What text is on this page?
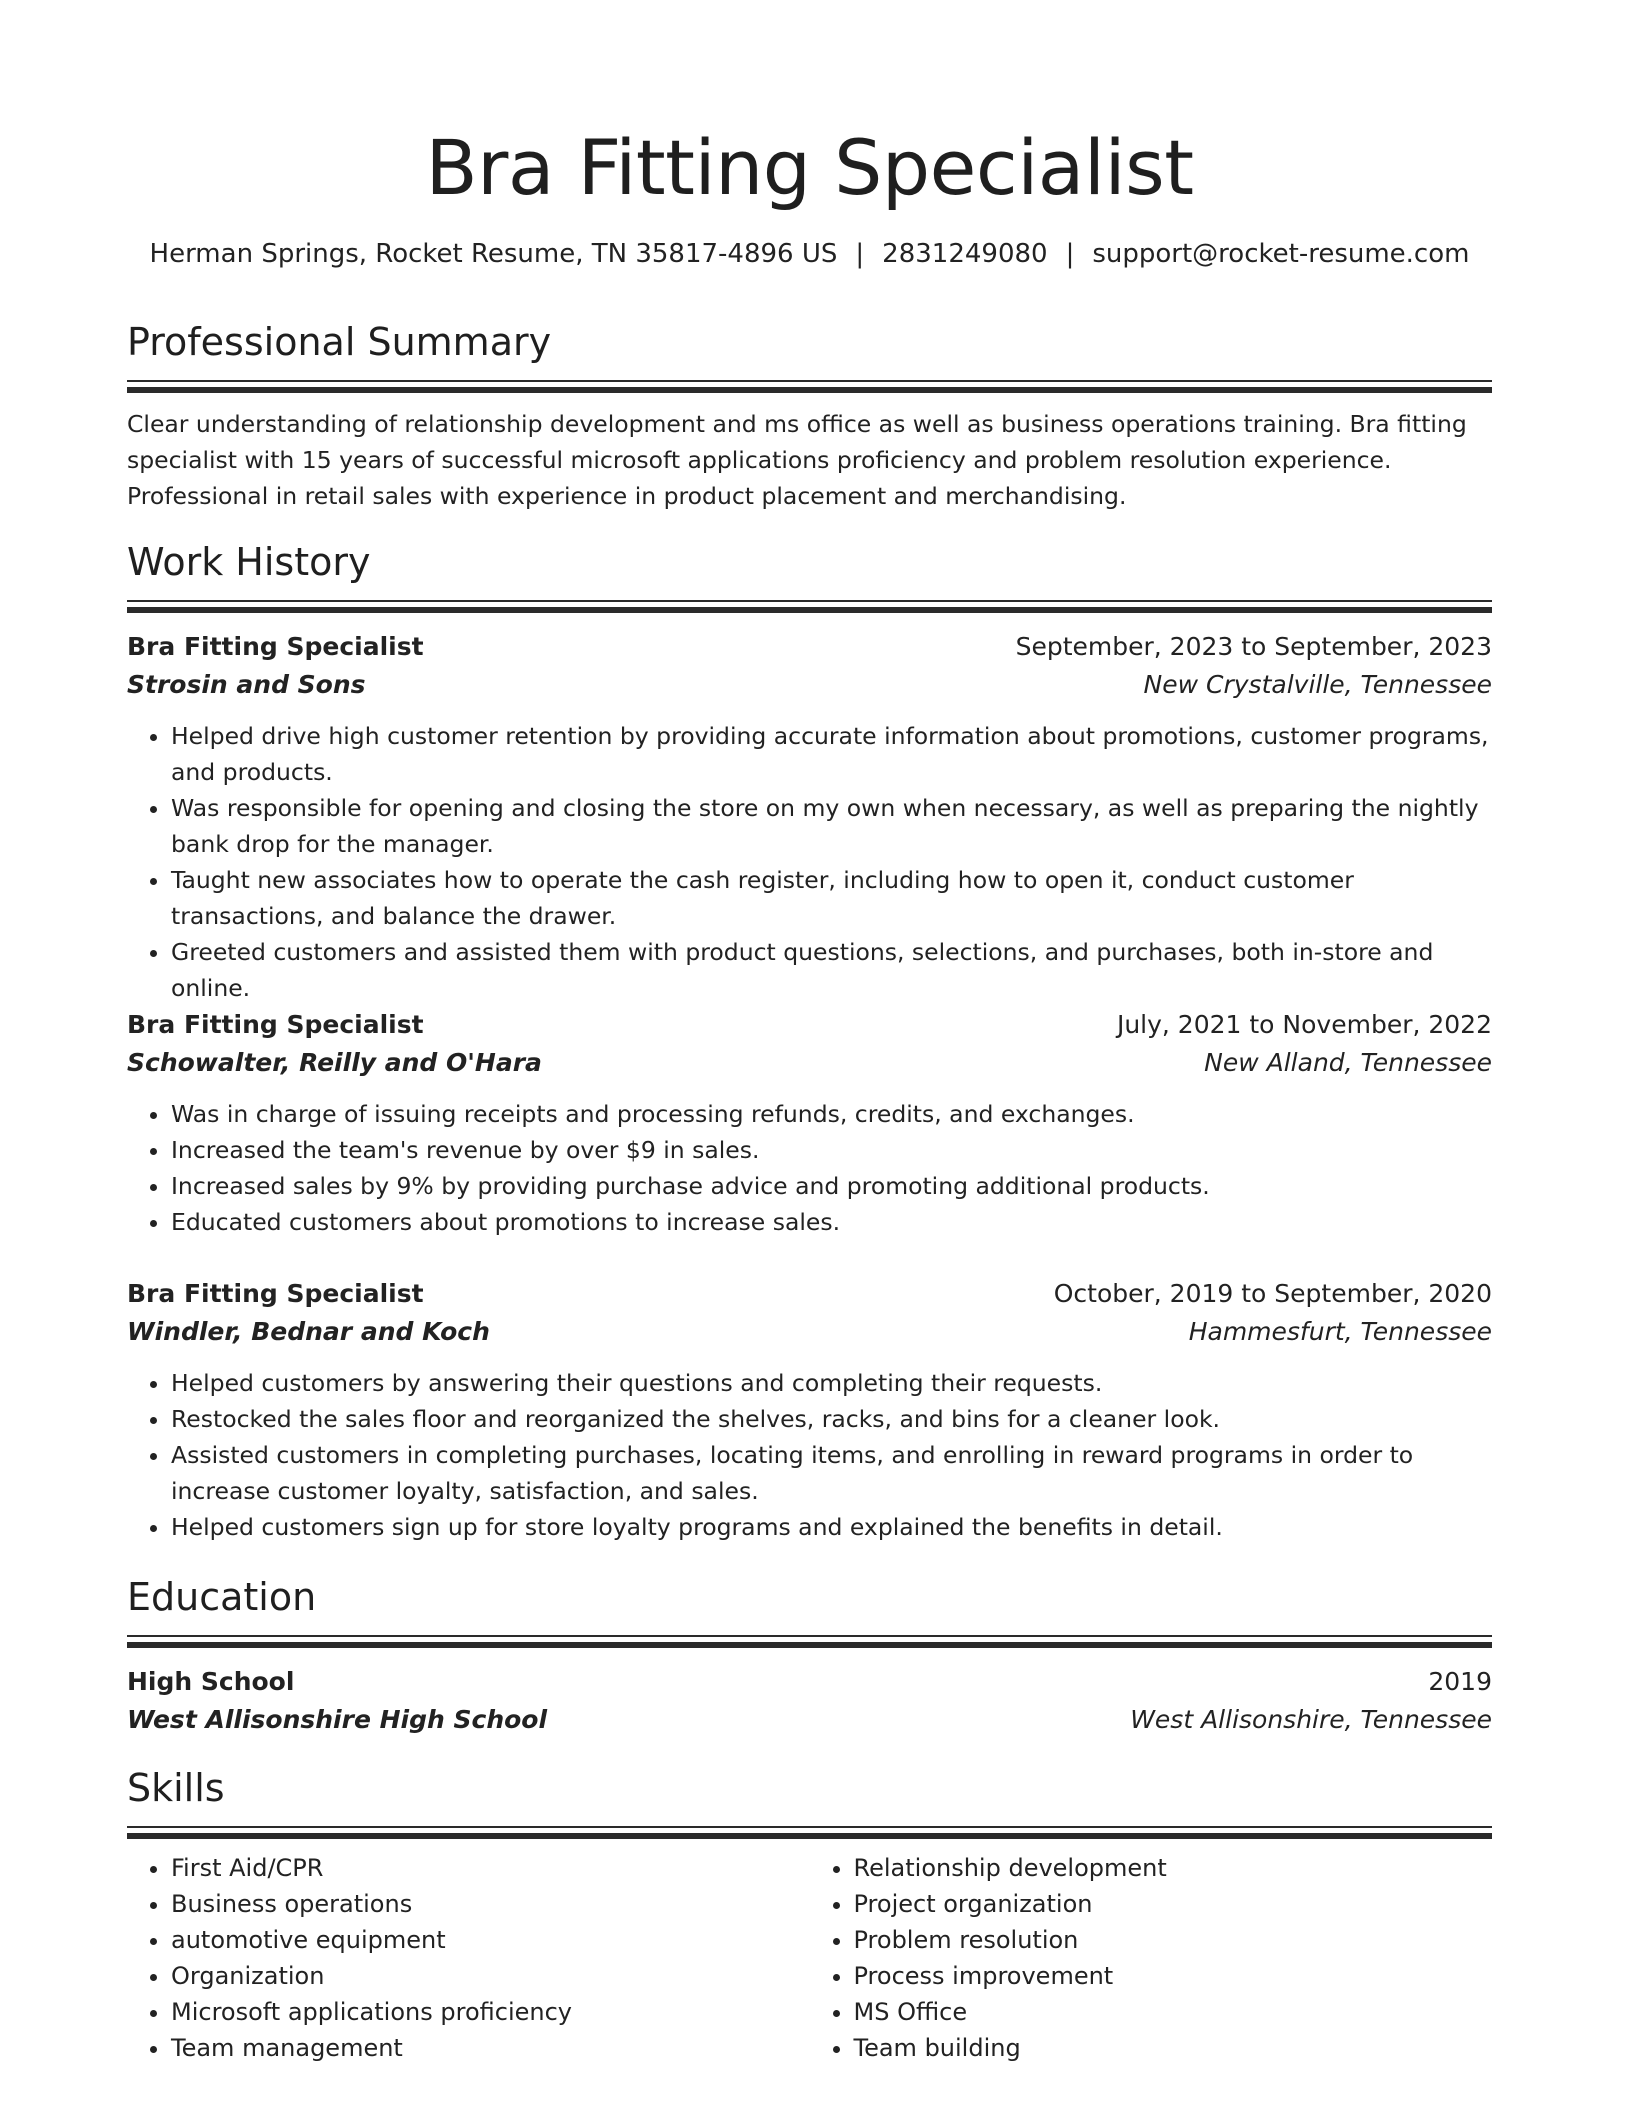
Bra Fitting Specialist
Herman Springs, Rocket Resume, TN 35817-4896 US | 2831249080 | support@rocket-resume.com
Professional Summary

Clear understanding of relationship development and ms office as well as business operations training. Bra fitting specialist with 15 years of successful microsoft applications proficiency and problem resolution experience. Professional in retail sales with experience in product placement and merchandising.

Work History
Bra Fitting Specialist	September, 2023 to September, 2023
Strosin and Sons	New Crystalville, Tennessee
• Helped drive high customer retention by providing accurate information about promotions, customer programs, and products.
• Was responsible for opening and closing the store on my own when necessary, as well as preparing the nightly bank drop for the manager.
• Taught new associates how to operate the cash register, including how to open it, conduct customer transactions, and balance the drawer.
• Greeted customers and assisted them with product questions, selections, and purchases, both in-store and online.
Bra Fitting Specialist	July, 2021 to November, 2022
Schowalter, Reilly and O'Hara	New Alland, Tennessee
• Was in charge of issuing receipts and processing refunds, credits, and exchanges.
• Increased the team's revenue by over $9 in sales.
• Increased sales by 9% by providing purchase advice and promoting additional products.
• Educated customers about promotions to increase sales.
Bra Fitting Specialist	October, 2019 to September, 2020
Windler, Bednar and Koch	Hammesfurt, Tennessee
• Helped customers by answering their questions and completing their requests.
• Restocked the sales floor and reorganized the shelves, racks, and bins for a cleaner look.
• Assisted customers in completing purchases, locating items, and enrolling in reward programs in order to increase customer loyalty, satisfaction, and sales.
• Helped customers sign up for store loyalty programs and explained the benefits in detail.
Education
High School	2019
West Allisonshire High School	West Allisonshire, Tennessee
Skills
• First Aid/CPR
• Business operations
• automotive equipment
• Organization
• Microsoft applications proficiency
• Team management
• Relationship development
• Project organization
• Problem resolution
• Process improvement
• MS Office
• Team building
